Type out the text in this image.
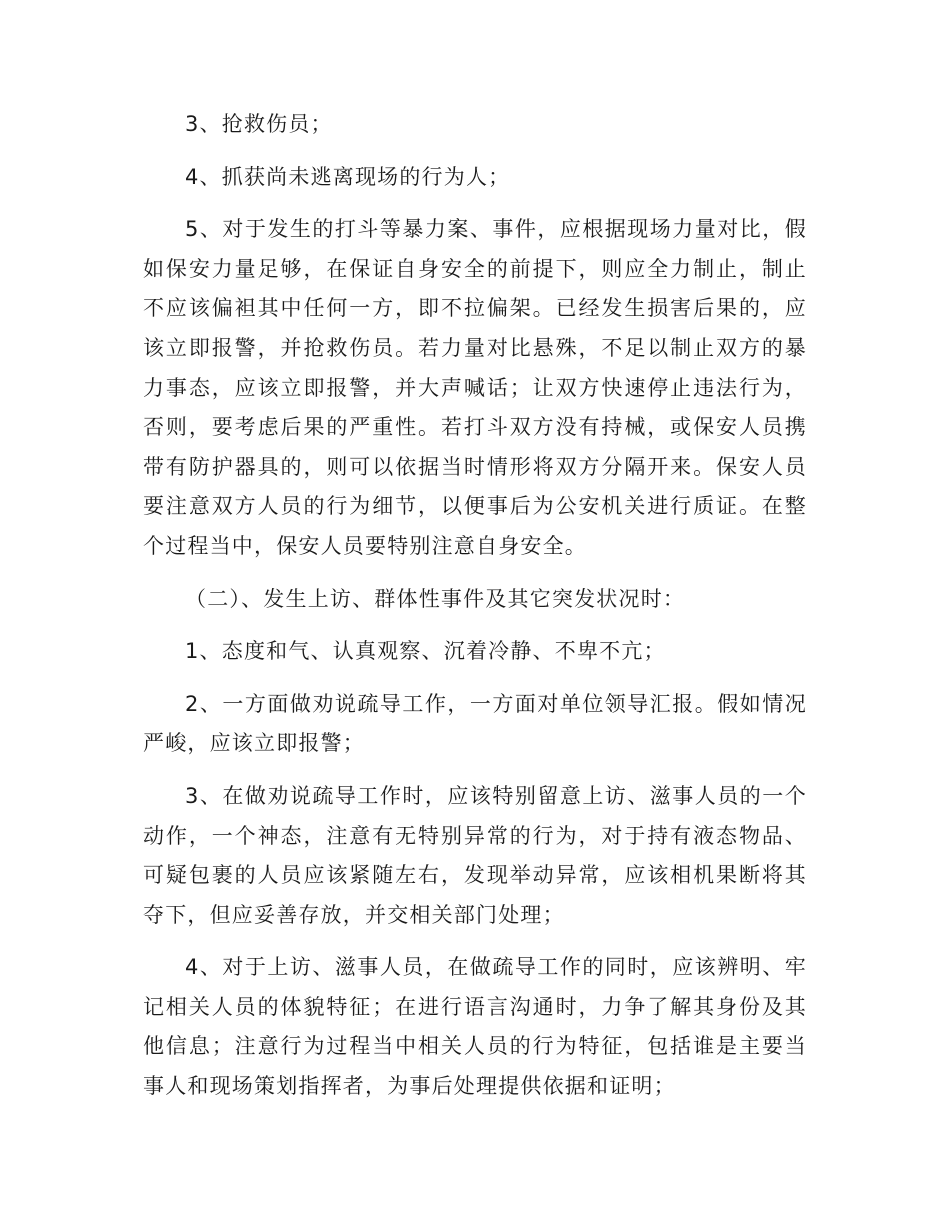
3、抢救伤员；

4、抓获尚未逃离现场的行为人；

5、对于发生的打斗等暴力案、事件，应根据现场力量对比，假如保安力量足够，在保证自身安全的前提下，则应全力制止，制止不应该偏袒其中任何一方，即不拉偏架。已经发生损害后果的，应该立即报警，并抢救伤员。若力量对比悬殊，不足以制止双方的暴力事态，应该立即报警，并大声喊话；让双方快速停止违法行为，否则，要考虑后果的严重性。若打斗双方没有持械，或保安人员携带有防护器具的，则可以依据当时情形将双方分隔开来。保安人员要注意双方人员的行为细节，以便事后为公安机关进行质证。在整个过程当中，保安人员要特别注意自身安全。

（二）、发生上访、群体性事件及其它突发状况时：

1、态度和气、认真观察、沉着冷静、不卑不亢；

2、一方面做劝说疏导工作，一方面对单位领导汇报。假如情况严峻，应该立即报警；

3、在做劝说疏导工作时，应该特别留意上访、滋事人员的一个动作，一个神态，注意有无特别异常的行为，对于持有液态物品、可疑包裹的人员应该紧随左右，发现举动异常，应该相机果断将其夺下，但应妥善存放，并交相关部门处理；

4、对于上访、滋事人员，在做疏导工作的同时，应该辨明、牢记相关人员的体貌特征；在进行语言沟通时，力争了解其身份及其他信息；注意行为过程当中相关人员的行为特征，包括谁是主要当事人和现场策划指挥者，为事后处理提供依据和证明；
